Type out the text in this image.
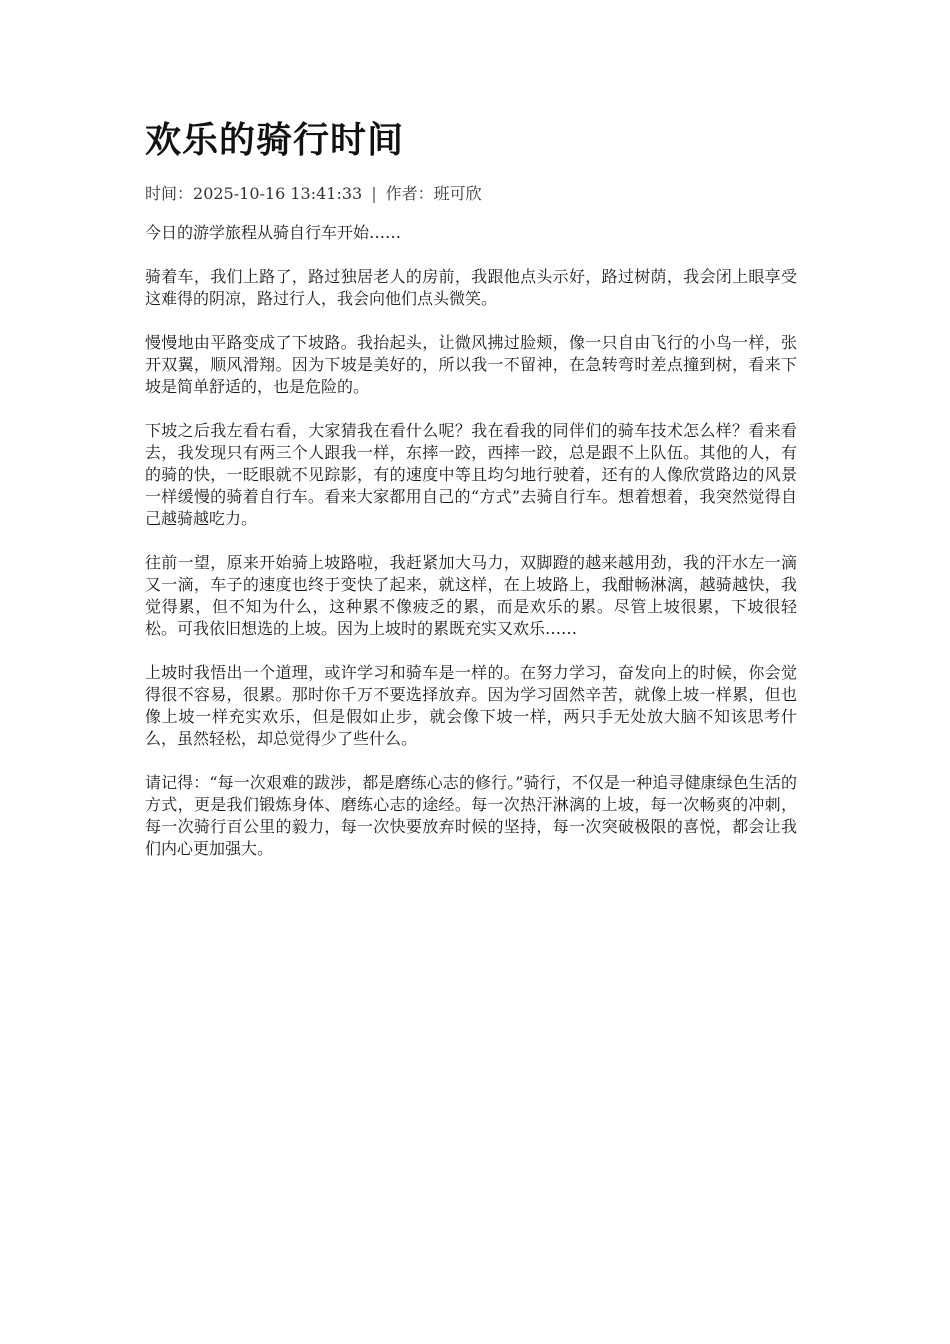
欢乐的骑行时间
时间：2025-10-16 13:41:33 | 作者：班可欣

今日的游学旅程从骑自行车开始……

骑着车，我们上路了，路过独居老人的房前，我跟他点头示好，路过树荫，我会闭上眼享受这难得的阴凉，路过行人，我会向他们点头微笑。

慢慢地由平路变成了下坡路。我抬起头，让微风拂过脸颊，像一只自由飞行的小鸟一样，张开双翼，顺风滑翔。因为下坡是美好的，所以我一不留神，在急转弯时差点撞到树，看来下坡是简单舒适的，也是危险的。

下坡之后我左看右看，大家猜我在看什么呢？我在看我的同伴们的骑车技术怎么样？看来看去，我发现只有两三个人跟我一样，东摔一跤，西摔一跤，总是跟不上队伍。其他的人，有的骑的快，一眨眼就不见踪影，有的速度中等且均匀地行驶着，还有的人像欣赏路边的风景一样缓慢的骑着自行车。看来大家都用自己的“方式”去骑自行车。想着想着，我突然觉得自己越骑越吃力。

往前一望，原来开始骑上坡路啦，我赶紧加大马力，双脚蹬的越来越用劲，我的汗水左一滴又一滴，车子的速度也终于变快了起来，就这样，在上坡路上，我酣畅淋漓，越骑越快，我觉得累，但不知为什么，这种累不像疲乏的累，而是欢乐的累。尽管上坡很累，下坡很轻松。可我依旧想选的上坡。因为上坡时的累既充实又欢乐……

上坡时我悟出一个道理，或许学习和骑车是一样的。在努力学习，奋发向上的时候，你会觉得很不容易，很累。那时你千万不要选择放弃。因为学习固然辛苦，就像上坡一样累，但也像上坡一样充实欢乐，但是假如止步，就会像下坡一样，两只手无处放大脑不知该思考什么，虽然轻松，却总觉得少了些什么。

请记得：“每一次艰难的跋涉，都是磨练心志的修行。”骑行，不仅是一种追寻健康绿色生活的方式，更是我们锻炼身体、磨练心志的途经。每一次热汗淋漓的上坡，每一次畅爽的冲刺，每一次骑行百公里的毅力，每一次快要放弃时候的坚持，每一次突破极限的喜悦，都会让我们内心更加强大。
